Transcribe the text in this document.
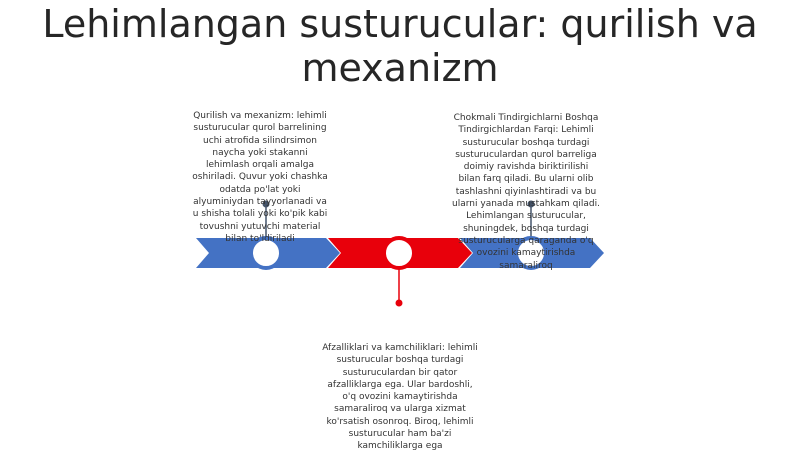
Lehimlangan susturucular: qurilish va mexanizm
Qurilish va mexanizm: lehimli susturucular qurol barrelining uchi atrofida silindrsimon naycha yoki stakanni lehimlash orqali amalga oshiriladi. Quvur yoki chashka odatda po'lat yoki alyuminiydan tayyorlanadi va u shisha tolali yoki ko'pik kabi tovushni yutuvchi material bilan to'ldiriladi
Chokmali Tindirgichlarni Boshqa Tindirgichlardan Farqi: Lehimli susturucular boshqa turdagi susturuculardan qurol barreliga doimiy ravishda biriktirilishi bilan farq qiladi. Bu ularni olib tashlashni qiyinlashtiradi va bu ularni yanada mustahkam qiladi. Lehimlangan susturucular, shuningdek, boshqa turdagi susturucularga qaraganda o'q ovozini kamaytirishda samaraliroq
Afzalliklari va kamchiliklari: lehimli susturucular boshqa turdagi susturuculardan bir qator afzalliklarga ega. Ular bardoshli, o'q ovozini kamaytirishda samaraliroq va ularga xizmat ko'rsatish osonroq. Biroq, lehimli susturucular ham ba'zi kamchiliklarga ega
